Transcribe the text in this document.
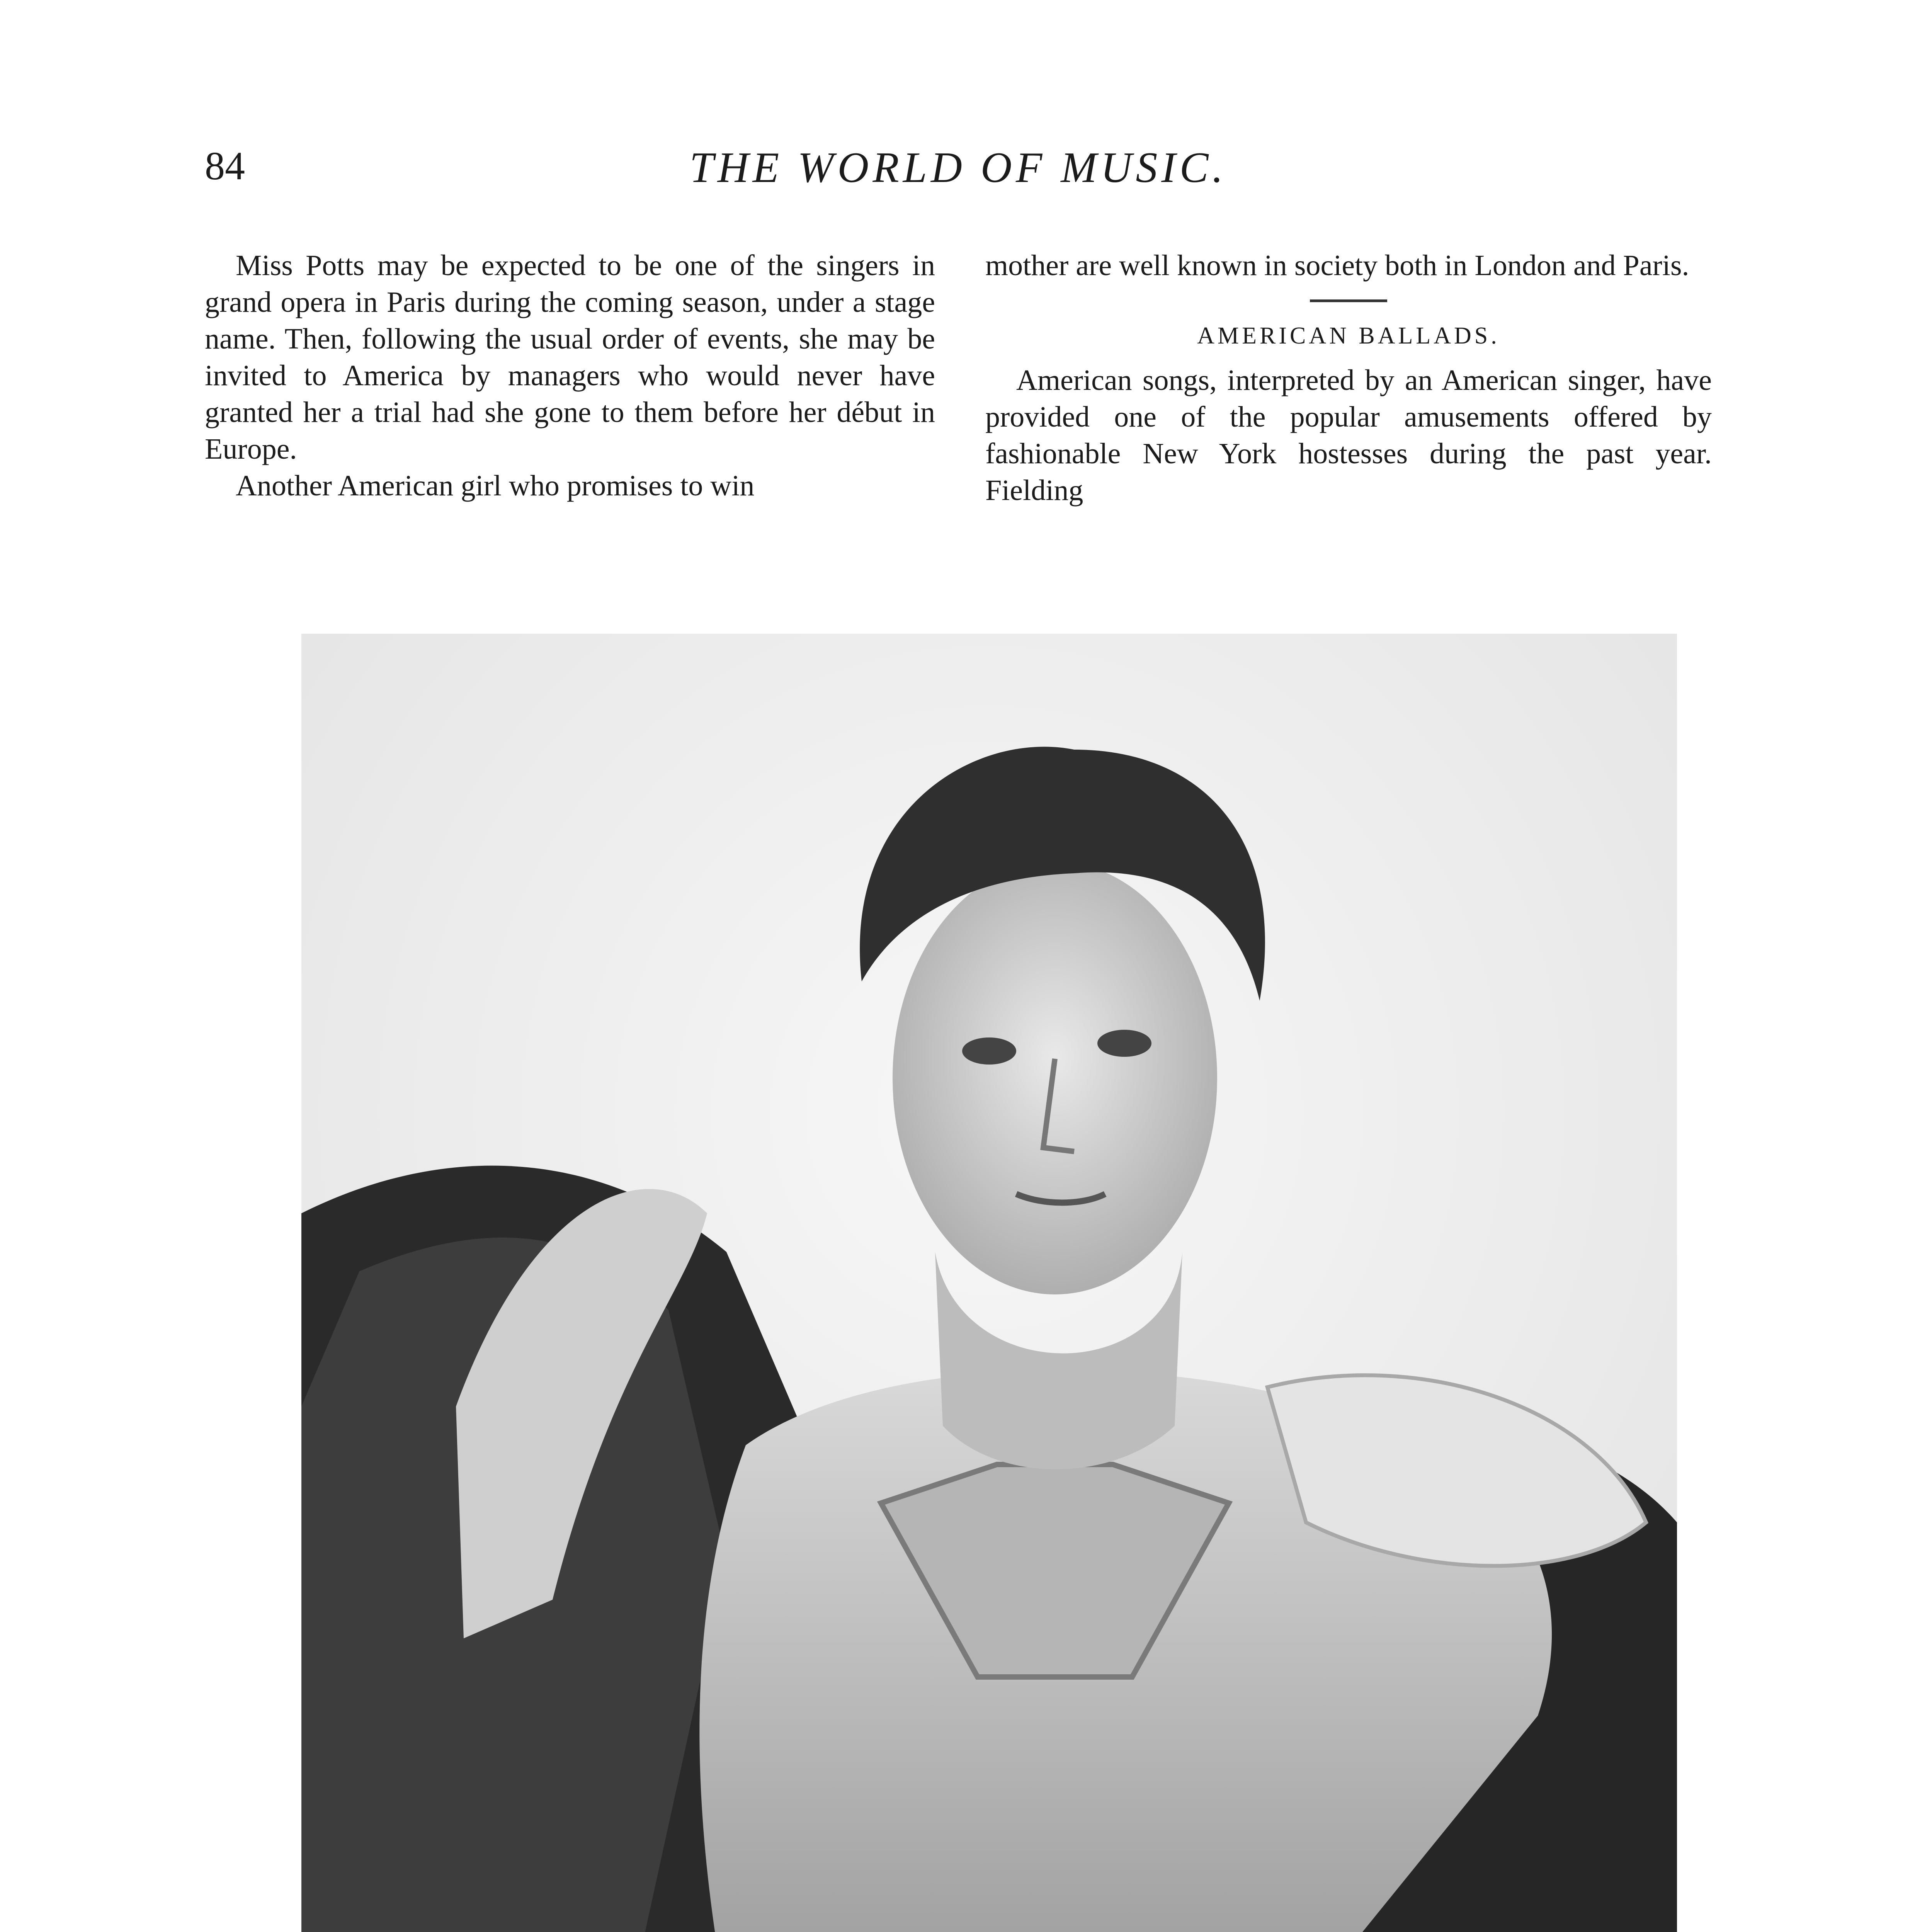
84	THE WORLD OF MUSIC.

Miss Potts may be expected to be one of the singers in grand opera in Paris during the coming season, under a stage name. Then, following the usual order of events, she may be invited to America by managers who would never have granted her a trial had she gone to them before her début in Europe.

Another American girl who promises to win

mother are well known in society both in London and Paris.

AMERICAN BALLADS.

American songs, interpreted by an American singer, have provided one of the popular amusements offered by fashionable New York hostesses during the past year. Fielding
